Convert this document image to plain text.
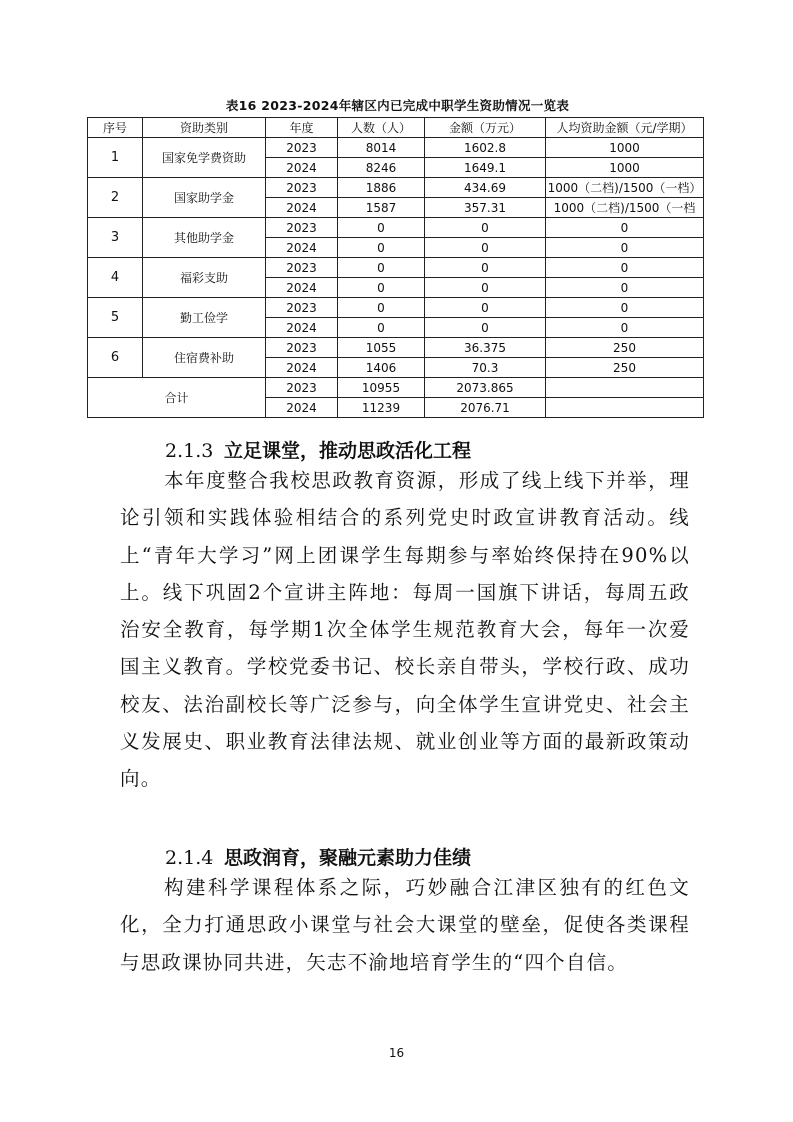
表16 2023-2024年辖区内已完成中职学生资助情况一览表
序号	资助类别	年度	人数（人）	金额（万元）	人均资助金额（元/学期）
1	国家免学费资助	2023	8014	1602.8	1000
		2024	8246	1649.1	1000
2	国家助学金	2023	1886	434.69	1000（二档)/1500（一档）
		2024	1587	357.31	1000（二档)/1500（一档
3	其他助学金	2023	0	0	0
		2024	0	0	0
4	福彩支助	2023	0	0	0
		2024	0	0	0
5	勤工俭学	2023	0	0	0
		2024	0	0	0
6	住宿费补助	2023	1055	36.375	250
		2024	1406	70.3	250
合计		2023	10955	2073.865	
		2024	11239	2076.71	
2.1.3 立足课堂，推动思政活化工程

本年度整合我校思政教育资源，形成了线上线下并举，理论引领和实践体验相结合的系列党史时政宣讲教育活动。线上“青年大学习”网上团课学生每期参与率始终保持在90%以上。线下巩固2个宣讲主阵地：每周一国旗下讲话，每周五政治安全教育，每学期1次全体学生规范教育大会，每年一次爱国主义教育。学校党委书记、校长亲自带头，学校行政、成功校友、法治副校长等广泛参与，向全体学生宣讲党史、社会主义发展史、职业教育法律法规、就业创业等方面的最新政策动向。

2.1.4 思政润育，聚融元素助力佳绩

构建科学课程体系之际，巧妙融合江津区独有的红色文化，全力打通思政小课堂与社会大课堂的壁垒，促使各类课程与思政课协同共进，矢志不渝地培育学生的“四个自信。

16
